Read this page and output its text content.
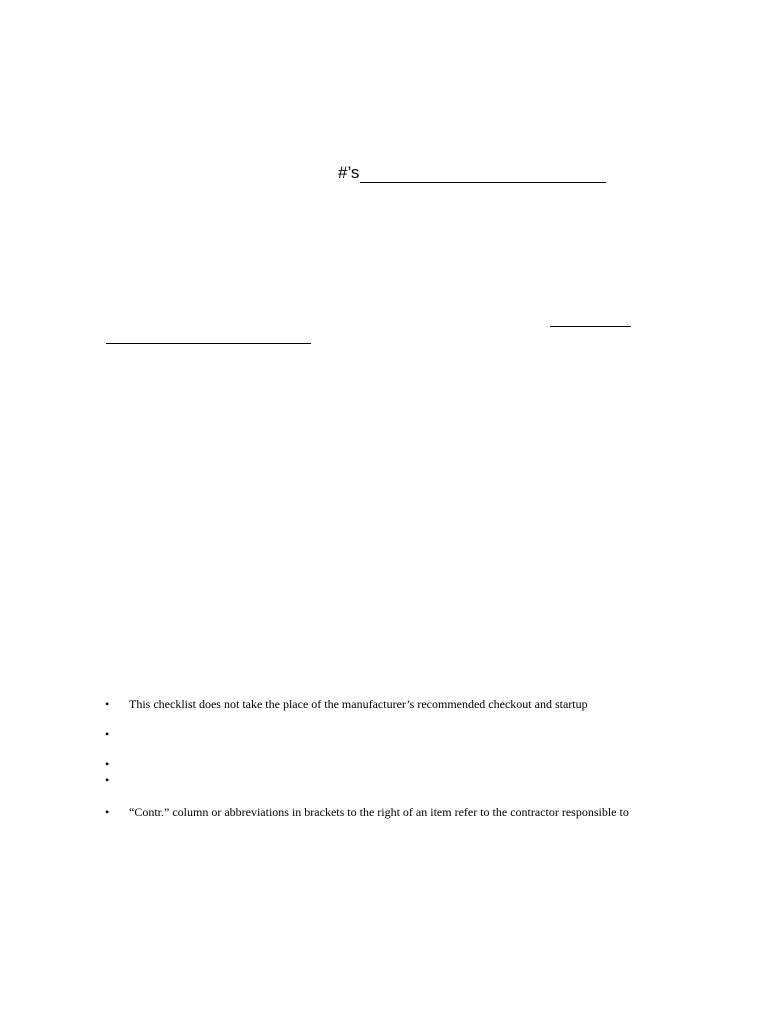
#’s
•	This checklist does not take the place of the manufacturer’s recommended checkout and startup
•
•
•
•	“Contr.” column or abbreviations in brackets to the right of an item refer to the contractor responsible to
